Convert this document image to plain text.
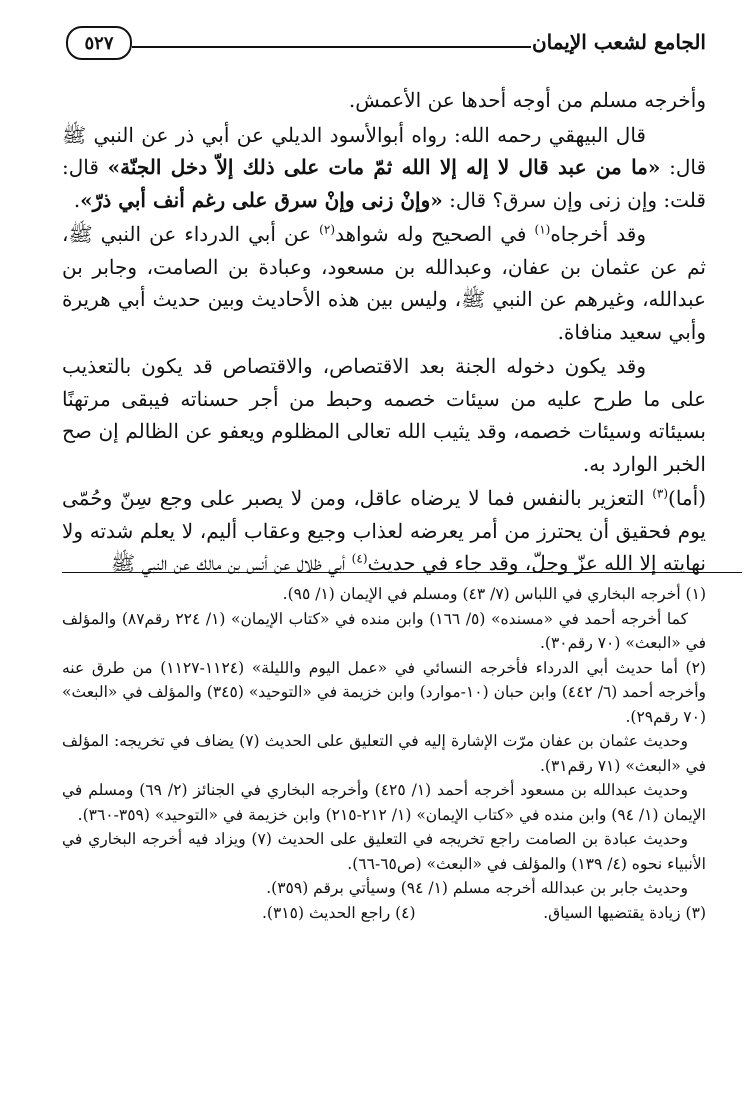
الجامع لشعب الإيمان
٥٢٧

وأخرجه مسلم من أوجه أحدها عن الأعمش.

قال البيهقي رحمه الله: رواه أبوالأسود الديلي عن أبي ذر عن النبي ﷺ قال: «ما من عبد قال لا إله إلا الله ثمّ مات على ذلك إلاّ دخل الجنّة» قال: قلت: وإن زنى وإن سرق؟ قال: «وإنْ زنى وإنْ سرق على رغم أنف أبي ذرّ».

وقد أخرجاه$^{(١)}$ في الصحيح وله شواهد$^{(٢)}$ عن أبي الدرداء عن النبي ﷺ، ثم عن عثمان بن عفان، وعبدالله بن مسعود، وعبادة بن الصامت، وجابر بن عبدالله، وغيرهم عن النبي ﷺ، وليس بين هذه الأحاديث وبين حديث أبي هريرة وأبي سعيد منافاة.

وقد يكون دخوله الجنة بعد الاقتصاص، والاقتصاص قد يكون بالتعذيب على ما طرح عليه من سيئات خصمه وحبط من أجر حسناته فيبقى مرتهنًا بسيئاته وسيئات خصمه، وقد يثيب الله تعالى المظلوم ويعفو عن الظالم إن صح الخبر الوارد به.

(أما)$^{(٣)}$ التعزير بالنفس فما لا يرضاه عاقل، ومن لا يصبر على وجع سِنّ وحُمّى يوم فحقيق أن يحترز من أمر يعرضه لعذاب وجيع وعقاب أليم، لا يعلم شدته ولا نهايته إلا الله عزّ وجلّ، وقد جاء في حديث$^{(٤)}$ أبي ظلال عن أنس بن مالك عن النبي ﷺ

(١) أخرجه البخاري في اللباس (٧/ ٤٣) ومسلم في الإيمان (١/ ٩٥).

كما أخرجه أحمد في «مسنده» (٥/ ١٦٦) وابن منده في «كتاب الإيمان» (١/ ٢٢٤ رقم٨٧) والمؤلف في «البعث» (٧٠ رقم٣٠).

(٢) أما حديث أبي الدرداء فأخرجه النسائي في «عمل اليوم والليلة» (١١٢٤-١١٢٧) من طرق عنه وأخرجه أحمد (٦/ ٤٤٢) وابن حبان (١٠-موارد) وابن خزيمة في «التوحيد» (٣٤٥) والمؤلف في «البعث» (٧٠ رقم٢٩).

وحديث عثمان بن عفان مرّت الإشارة إليه في التعليق على الحديث (٧) يضاف في تخريجه: المؤلف في «البعث» (٧١ رقم٣١).

وحديث عبدالله بن مسعود أخرجه أحمد (١/ ٤٢٥) وأخرجه البخاري في الجنائز (٢/ ٦٩) ومسلم في الإيمان (١/ ٩٤) وابن منده في «كتاب الإيمان» (١/ ٢١٢-٢١٥) وابن خزيمة في «التوحيد» (٣٥٩-٣٦٠).

وحديث عبادة بن الصامت راجع تخريجه في التعليق على الحديث (٧) ويزاد فيه أخرجه البخاري في الأنبياء نحوه (٤/ ١٣٩) والمؤلف في «البعث» (ص٦٥-٦٦).

وحديث جابر بن عبدالله أخرجه مسلم (١/ ٩٤) وسيأتي برقم (٣٥٩).

(٣) زيادة يقتضيها السياق.
(٤) راجع الحديث (٣١٥).
